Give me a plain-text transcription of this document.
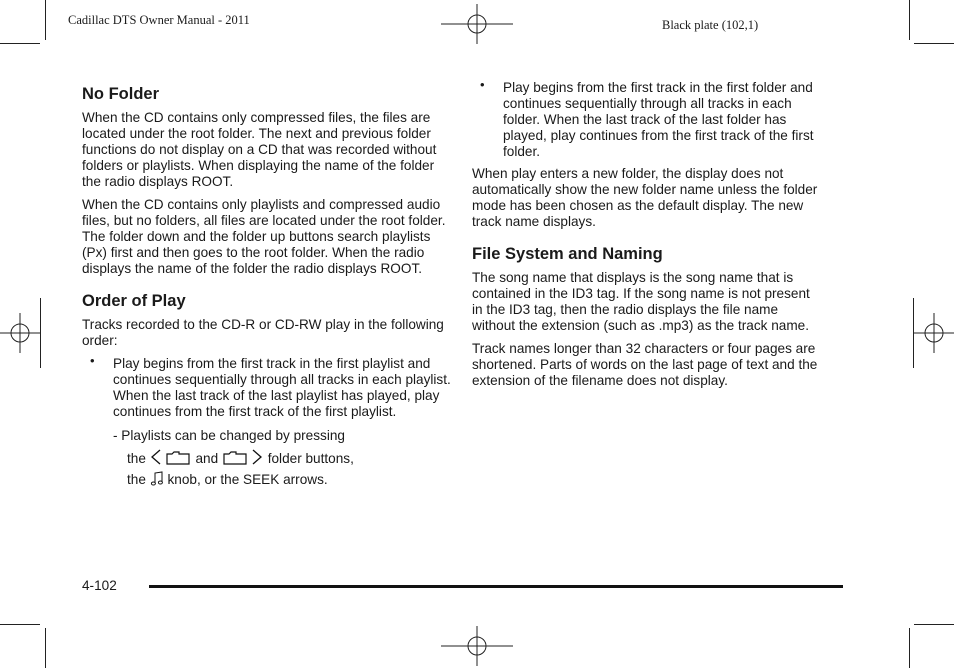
Cadillac DTS Owner Manual - 2011	Black plate (102,1)
No Folder

When the CD contains only compressed files, the files are located under the root folder. The next and previous folder functions do not display on a CD that was recorded without folders or playlists. When displaying the name of the folder the radio displays ROOT.

When the CD contains only playlists and compressed audio files, but no folders, all files are located under the root folder. The folder down and the folder up buttons search playlists (Px) first and then goes to the root folder. When the radio displays the name of the folder the radio displays ROOT.

Order of Play

Tracks recorded to the CD-R or CD-RW play in the following order:

• Play begins from the first track in the first playlist and continues sequentially through all tracks in each playlist. When the last track of the last playlist has played, play continues from the first track of the first playlist.
- Playlists can be changed by pressing
the	and	folder buttons,
the knob, or the SEEK arrows.
• Play begins from the first track in the first folder and continues sequentially through all tracks in each folder. When the last track of the last folder has played, play continues from the first track of the first folder.

When play enters a new folder, the display does not automatically show the new folder name unless the folder mode has been chosen as the default display. The new track name displays.

File System and Naming

The song name that displays is the song name that is contained in the ID3 tag. If the song name is not present in the ID3 tag, then the radio displays the file name without the extension (such as .mp3) as the track name.

Track names longer than 32 characters or four pages are shortened. Parts of words on the last page of text and the extension of the filename does not display.

4-102
